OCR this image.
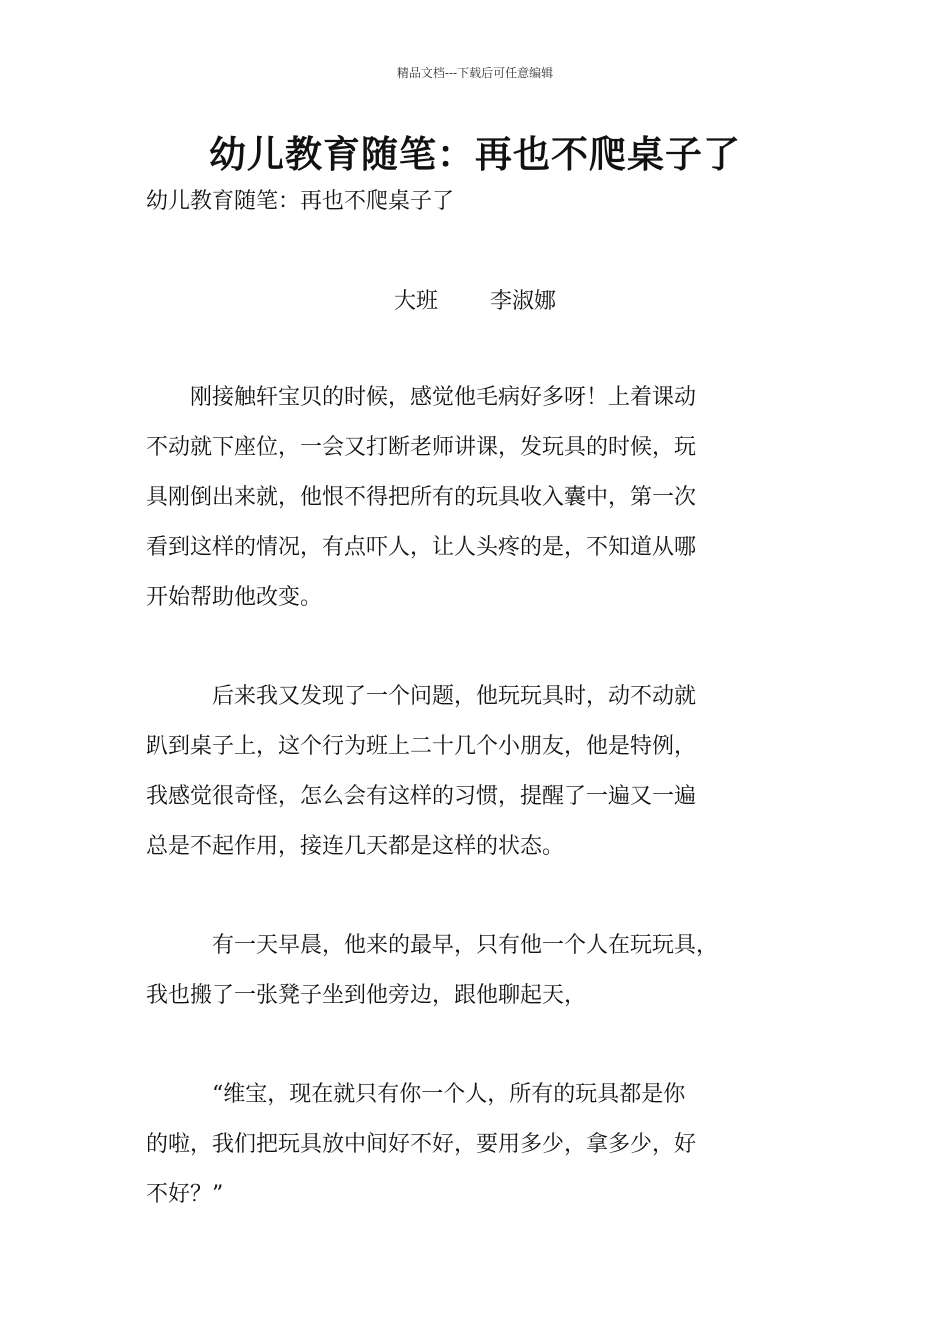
精品文档---下载后可任意编辑
幼儿教育随笔：再也不爬桌子了
幼儿教育随笔：再也不爬桌子了
大班 李淑娜

　　刚接触轩宝贝的时候，感觉他毛病好多呀！上着课动
不动就下座位，一会又打断老师讲课，发玩具的时候，玩
具刚倒出来就，他恨不得把所有的玩具收入囊中，第一次
看到这样的情况，有点吓人，让人头疼的是，不知道从哪
开始帮助他改变。

　　　后来我又发现了一个问题，他玩玩具时，动不动就
趴到桌子上，这个行为班上二十几个小朋友，他是特例，
我感觉很奇怪，怎么会有这样的习惯，提醒了一遍又一遍
总是不起作用，接连几天都是这样的状态。

　　　有一天早晨，他来的最早，只有他一个人在玩玩具，
我也搬了一张凳子坐到他旁边，跟他聊起天，

　　　“维宝，现在就只有你一个人，所有的玩具都是你
的啦，我们把玩具放中间好不好，要用多少，拿多少，好
不好？”
